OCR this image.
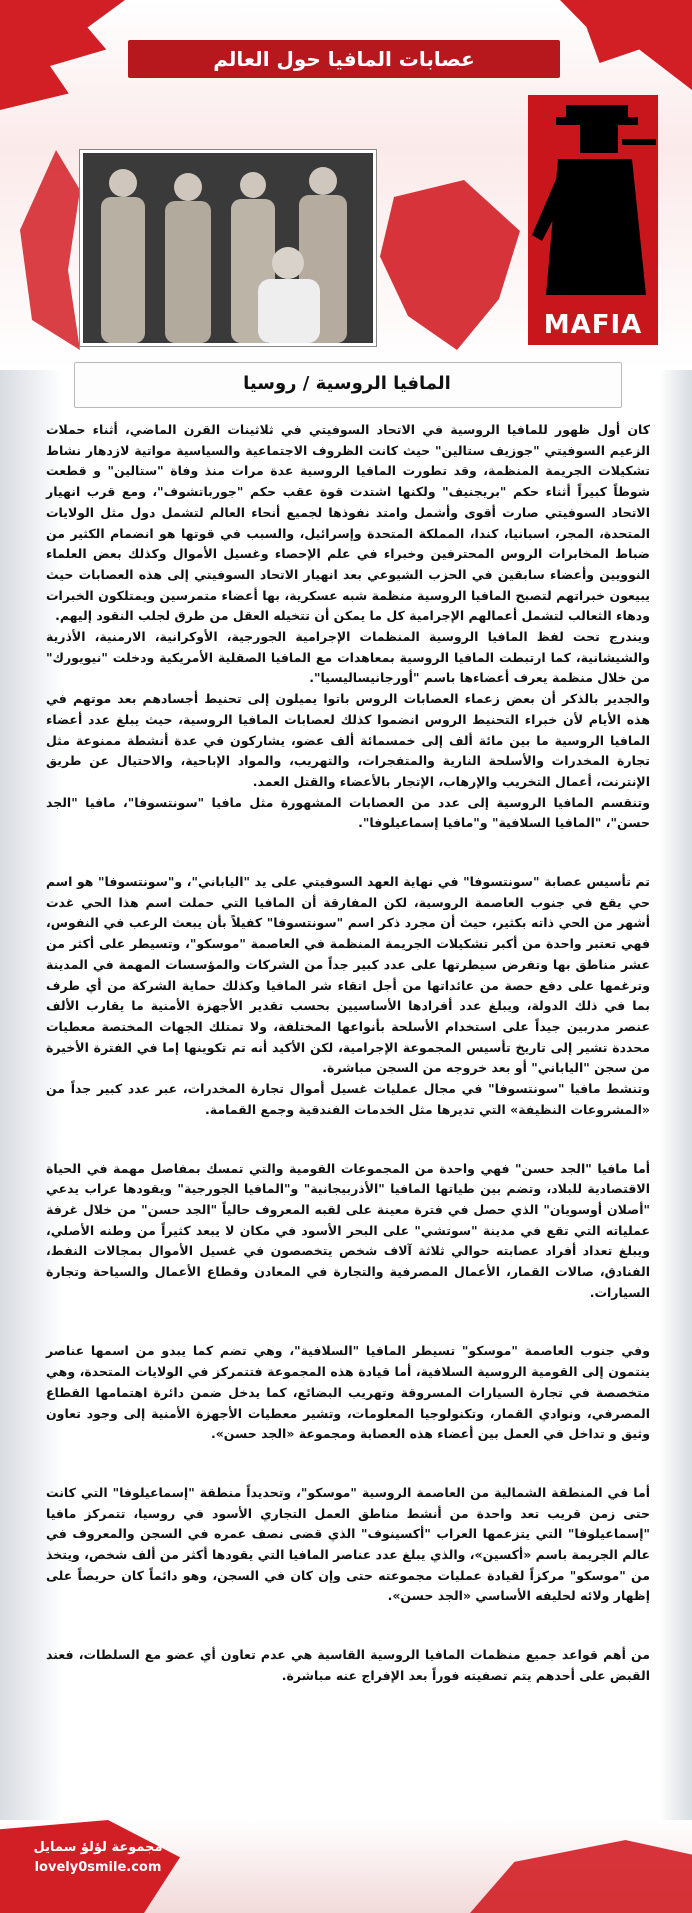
عصابات المافيا حول العالم
MAFIA
المافيا الروسية / روسيا

كان أول ظهور للمافيا الروسية في الاتحاد السوفيتي في ثلاثينات القرن الماضي، أثناء حملات الزعيم السوفيتي "جوزيف ستالين" حيث كانت الظروف الاجتماعية والسياسية مواتية لازدهار نشاط تشكيلات الجريمة المنظمة، وقد تطورت المافيا الروسية عدة مرات منذ وفاة "ستالين" و قطعت شوطاً كبيراً أثناء حكم "بريجنيف" ولكنها اشتدت قوة عقب حكم "جورباتشوف"، ومع قرب انهيار الاتحاد السوفيتي صارت أقوى وأشمل وامتد نفوذها لجميع أنحاء العالم لتشمل دول مثل الولايات المتحدة، المجر، اسبانيا، كندا، المملكة المتحدة وإسرائيل، والسبب في قوتها هو انضمام الكثير من ضباط المخابرات الروس المحترفين وخبراء في علم الإحصاء وغسيل الأموال وكذلك بعض العلماء النوويين وأعضاء سابقين في الحزب الشيوعي بعد انهيار الاتحاد السوفيتي إلى هذه العصابات حيث يبيعون خبراتهم لتصبح المافيا الروسية منظمة شبه عسكرية، بها أعضاء متمرسين ويمتلكون الخبرات ودهاء الثعالب لتشمل أعمالهم الإجرامية كل ما يمكن أن تتخيله العقل من طرق لجلب النقود إليهم.

ويندرج تحت لفظ المافيا الروسية المنظمات الإجرامية الجورجية، الأوكرانية، الارمنية، الأذرية والشيشانية، كما ارتبطت المافيا الروسية بمعاهدات مع المافيا الصقلية الأمريكية ودخلت "نيويورك" من خلال منظمة يعرف أعضاءها باسم "أورجانيساليسيا".

والجدير بالذكر أن بعض زعماء العصابات الروس باتوا يميلون إلى تحنيط أجسادهم بعد موتهم في هذه الأيام لأن خبراء التحنيط الروس انضموا كذلك لعصابات المافيا الروسية، حيث يبلغ عدد أعضاء المافيا الروسية ما بين مائة ألف إلى خمسمائة ألف عضو، يشاركون في عدة أنشطة ممنوعة مثل تجارة المخدرات والأسلحة النارية والمتفجرات، والتهريب، والمواد الإباحية، والاحتيال عن طريق الإنترنت، أعمال التخريب والإرهاب، الإتجار بالأعضاء والقتل العمد.

وتنقسم المافيا الروسية إلى عدد من العصابات المشهورة مثل مافيا "سونتسوفا"، مافيا "الجد حسن"، "المافيا السلافية" و"مافيا إسماعيلوفا".

تم تأسيس عصابة "سونتسوفا" في نهاية العهد السوفيتي على يد "الياباني"، و"سونتسوفا" هو اسم حي يقع في جنوب العاصمة الروسية، لكن المفارقة أن المافيا التي حملت اسم هذا الحي غدت أشهر من الحي ذاته بكثير، حيث أن مجرد ذكر اسم "سونتسوفا" كفيلاً بأن يبعث الرعب في النفوس، فهي تعتبر واحدة من أكبر تشكيلات الجريمة المنظمة في العاصمة "موسكو"، وتسيطر على أكثر من عشر مناطق بها وتفرض سيطرتها على عدد كبير جداً من الشركات والمؤسسات المهمة في المدينة وترغمها على دفع حصة من عائداتها من أجل اتقاء شر المافيا وكذلك حماية الشركة من أي طرف بما في ذلك الدولة، ويبلغ عدد أفرادها الأساسيين بحسب تقدير الأجهزة الأمنية ما يقارب الألف عنصر مدربين جيداً على استخدام الأسلحة بأنواعها المختلفة، ولا تمتلك الجهات المختصة معطيات محددة تشير إلى تاريخ تأسيس المجموعة الإجرامية، لكن الأكيد أنه تم تكوينها إما في الفترة الأخيرة من سجن "الياباني" أو بعد خروجه من السجن مباشرة.

وتنشط مافيا "سونتسوفا" في مجال عمليات غسيل أموال تجارة المخدرات، عبر عدد كبير جداً من «المشروعات النظيفة» التي تديرها مثل الخدمات الفندقية وجمع القمامة.

أما مافيا "الجد حسن" فهي واحدة من المجموعات القومية والتي تمسك بمفاصل مهمة في الحياة الاقتصادية للبلاد، وتضم بين طياتها المافيا "الأذربيجانية" و"المافيا الجورجية" ويقودها عراب يدعي "أصلان أوسويان" الذي حصل في فترة معينة على لقبه المعروف حالياً "الجد حسن" من خلال غرفة عملياته التي تقع في مدينة "سوتشي" على البحر الأسود في مكان لا يبعد كثيراً من وطنه الأصلي، ويبلغ تعداد أفراد عصابته حوالي ثلاثة آلاف شخص يتخصصون في غسيل الأموال بمجالات النفط، الفنادق، صالات القمار، الأعمال المصرفية والتجارة في المعادن وقطاع الأعمال والسياحة وتجارة السيارات.

وفي جنوب العاصمة "موسكو" تسيطر المافيا "السلافية"، وهي تضم كما يبدو من اسمها عناصر ينتمون إلى القومية الروسية السلافية، أما قيادة هذه المجموعة فتتمركز في الولايات المتحدة، وهي متخصصة في تجارة السيارات المسروقة وتهريب البضائع، كما يدخل ضمن دائرة اهتمامها القطاع المصرفي، ونوادي القمار، وتكنولوجيا المعلومات، وتشير معطيات الأجهزة الأمنية إلى وجود تعاون وثيق و تداخل في العمل بين أعضاء هذه العصابة ومجموعة «الجد حسن».

أما في المنطقة الشمالية من العاصمة الروسية "موسكو"، وتحديداً منطقة "إسماعيلوفا" التي كانت حتى زمن قريب تعد واحدة من أنشط مناطق العمل التجاري الأسود في روسيا، تتمركز مافيا "إسماعيلوفا" التي يتزعمها العراب "أكسينوف" الذي قضى نصف عمره في السجن والمعروف في عالم الجريمة باسم «أكسين»، والذي يبلغ عدد عناصر المافيا التي يقودها أكثر من ألف شخص، ويتخذ من "موسكو" مركزاً لقيادة عمليات مجموعته حتى وإن كان في السجن، وهو دائماً كان حريصاً على إظهار ولائه لحليفه الأساسي «الجد حسن».

من أهم قواعد جميع منظمات المافيا الروسية القاسية هي عدم تعاون أي عضو مع السلطات، فعند القبض على أحدهم يتم تصفيته فوراً بعد الإفراج عنه مباشرة.

مجموعة لؤلؤ سمايل
lovely0smile.com
